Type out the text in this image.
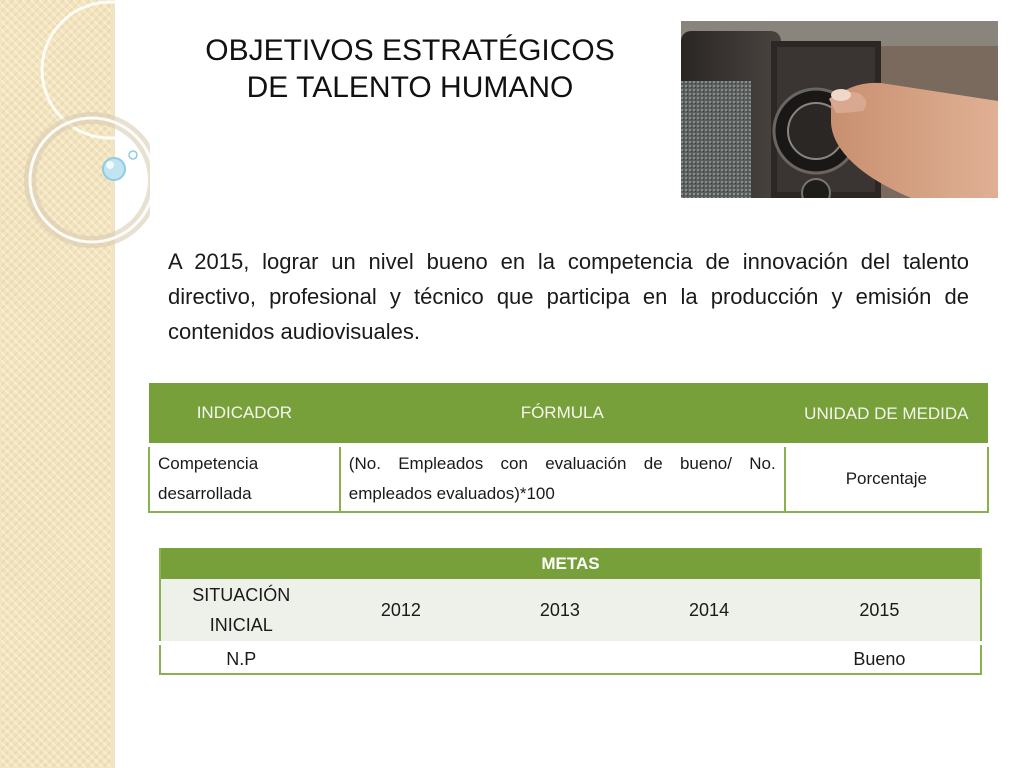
OBJETIVOS ESTRATÉGICOS
DE TALENTO HUMANO
A 2015, lograr un nivel bueno en la competencia de innovación del talento directivo, profesional y técnico que participa en la producción y emisión de contenidos audiovisuales.
INDICADOR	FÓRMULA	UNIDAD DE MEDIDA
Competencia desarrollada	(No. Empleados con evaluación de bueno/ No. empleados evaluados)*100	Porcentaje
METAS				
SITUACIÓN INICIAL	2012	2013	2014	2015
N.P				Bueno
